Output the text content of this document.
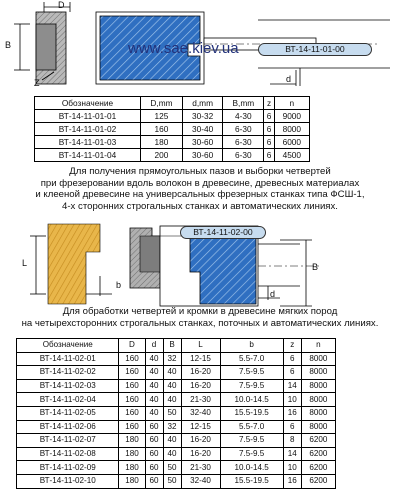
D
B
Z	d
www.sae.kiev.ua	ВТ-14-11-01-00
Обозначение	D,mm	d,mm	B,mm	z	n
ВТ-14-11-01-01	125	30-32	4-30	6	9000
ВТ-14-11-01-02	160	30-40	6-30	6	8000
ВТ-14-11-01-03	180	30-60	6-30	6	6000
ВТ-14-11-01-04	200	30-60	6-30	6	4500

Для получения прямоугольных пазов и выборки четвертей

при фрезеровании вдоль волокон в древесине, древесных материалах

и клееной древесине на универсальных фрезерных станках типа ФСШ-1,

4-х сторонних строгальных станках и автоматических линиях.

L
b
B
d
ВТ-14-11-02-00

Для обработки четвертей и кромки в древесине мягких пород

на четырехсторонних строгальных станках, поточных и автоматических линиях.

Обозначение	D	d	B	L	b	z	n
ВТ-14-11-02-01	160	40	32	12-15	5.5-7.0	6	8000
ВТ-14-11-02-02	160	40	40	16-20	7.5-9.5	6	8000
ВТ-14-11-02-03	160	40	40	16-20	7.5-9.5	14	8000
ВТ-14-11-02-04	160	40	40	21-30	10.0-14.5	10	8000
ВТ-14-11-02-05	160	40	50	32-40	15.5-19.5	16	8000
ВТ-14-11-02-06	160	60	32	12-15	5.5-7.0	6	8000
ВТ-14-11-02-07	180	60	40	16-20	7.5-9.5	8	6200
ВТ-14-11-02-08	180	60	40	16-20	7.5-9.5	14	6200
ВТ-14-11-02-09	180	60	50	21-30	10.0-14.5	10	6200
ВТ-14-11-02-10	180	60	50	32-40	15.5-19.5	16	6200
